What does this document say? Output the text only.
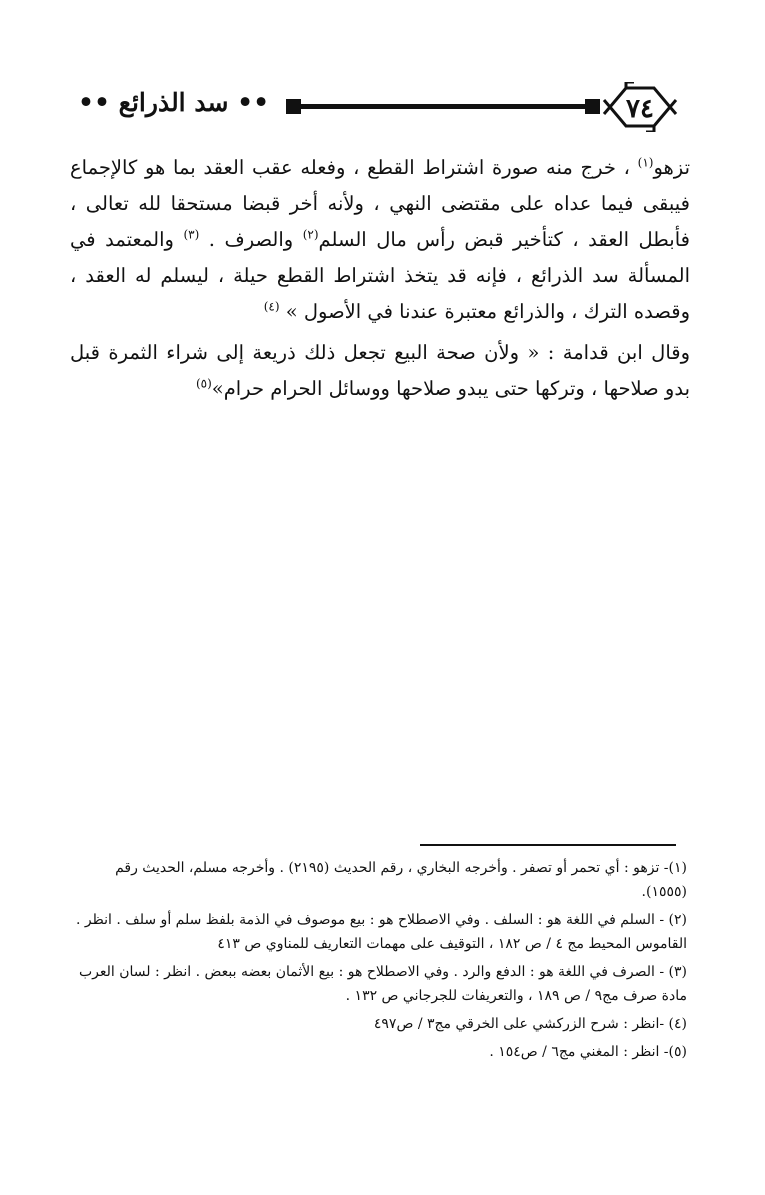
•• سد الذرائع ••	٧٤

تزهو$^{(١)}$ ، خرج منه صورة اشتراط القطع ، وفعله عقب العقد بما هو كالإجماع فيبقى فيما عداه على مقتضى النهي ، ولأنه أخر قبضا مستحقا لله تعالى ، فأبطل العقد ، كتأخير قبض رأس مال السلم$^{(٢)}$ والصرف . $^{(٣)}$ والمعتمد في المسألة سد الذرائع ، فإنه قد يتخذ اشتراط القطع حيلة ، ليسلم له العقد ، وقصده الترك ، والذرائع معتبرة عندنا في الأصول » $^{(٤)}$

وقال ابن قدامة : « ولأن صحة البيع تجعل ذلك ذريعة إلى شراء الثمرة قبل بدو صلاحها ، وتركها حتى يبدو صلاحها ووسائل الحرام حرام»$^{(٥)}$

(١)- تزهو : أي تحمر أو تصفر . وأخرجه البخاري ، رقم الحديث (٢١٩٥) . وأخرجه مسلم، الحديث رقم (١٥٥٥).

(٢) - السلم في اللغة هو : السلف . وفي الاصطلاح هو : بيع موصوف في الذمة بلفظ سلم أو سلف . انظر . القاموس المحيط مج ٤ / ص ١٨٢ ، التوقيف على مهمات التعاريف للمناوي ص ٤١٣

(٣) - الصرف في اللغة هو : الدفع والرد . وفي الاصطلاح هو : بيع الأثمان بعضه ببعض . انظر : لسان العرب مادة صرف مج٩ / ص ١٨٩ ، والتعريفات للجرجاني ص ١٣٢ .

(٤) -انظر : شرح الزركشي على الخرقي مج٣ / ص٤٩٧

(٥)- انظر : المغني مج٦ / ص١٥٤ .
